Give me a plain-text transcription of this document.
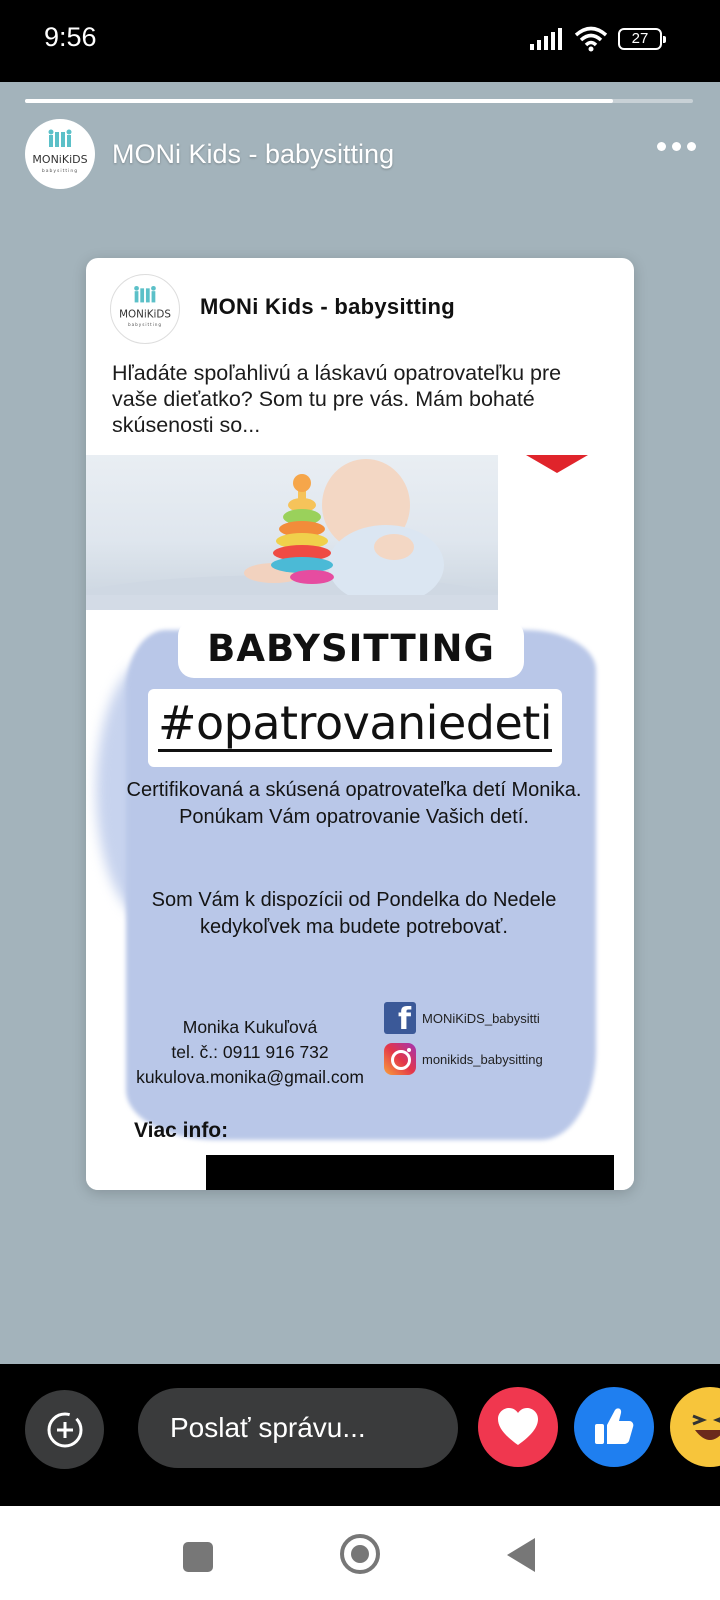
9:56	27
MONiKiDS
babysitting
MONi Kids - babysitting
MONiKiDS
babysitting
MONi Kids - babysitting
Hľadáte spoľahlivú a láskavú opatrovateľku pre vaše dieťatko? Som tu pre vás. Mám bohaté skúsenosti so...
BABYSITTING
#opatrovaniedeti
Certifikovaná a skúsená opatrovateľka detí Monika. Ponúkam Vám opatrovanie Vašich detí.
Som Vám k dispozícii od Pondelka do Nedele kedykoľvek ma budete potrebovať.
Monika Kukuľová
tel. č.: 0911 916 732
kukulova.monika@gmail.com
f
MONiKiDS_babysitti
monikids_babysitting
Viac info:
Poslať správu...
